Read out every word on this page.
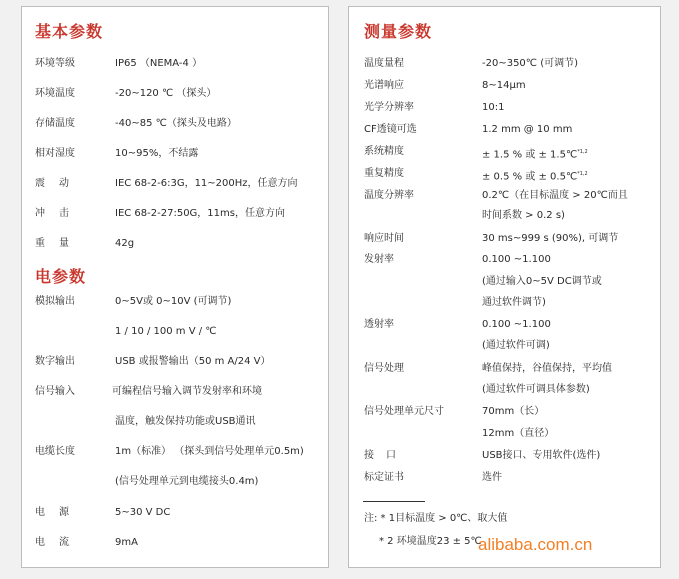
基本参数
环境等级	IP65 （NEMA-4 ）
环境温度	-20~120 ℃ （探头）
存储温度	-40~85 ℃（探头及电路）
相对湿度	10~95%，不结露
震动	IEC 68-2-6:3G，11~200Hz，任意方向
冲击	IEC 68-2-27:50G，11ms，任意方向
重量	42g
电参数
模拟输出	0~5V或 0~10V (可调节)
1 / 10 / 100 m V / ℃
数字输出	USB 或报警输出（50 m A/24 V）
信号输入	可编程信号输入调节发射率和环境
温度，触发保持功能或USB通讯
电缆长度	1m（标准） （探头到信号处理单元0.5m)
(信号处理单元到电缆接头0.4m)
电源	5~30 V DC
电流	9mA
测量参数
温度量程	-20~350℃ (可调节)
光谱响应	8~14μm
光学分辨率	10:1
CF透镜可选	1.2 mm @ 10 mm
系统精度	± 1.5 % 或 ± 1.5℃$^{*1,2}$
重复精度	± 0.5 % 或 ± 0.5℃$^{*1,2}$
温度分辨率	0.2℃（在目标温度 > 20℃而且
时间系数 > 0.2 s)
响应时间	30 ms~999 s (90%), 可调节
发射率	0.100 ~1.100
(通过输入0~5V DC调节或
通过软件调节)
透射率	0.100 ~1.100
(通过软件可调)
信号处理	峰值保持，谷值保持，平均值
(通过软件可调具体参数)
信号处理单元尺寸	70mm（长）
12mm（直径）
接口	USB接口、专用软件(选件)
标定证书	选件
注: * 1目标温度 > 0℃、取大值
* 2 环境温度23 ± 5℃
alibaba.com.cn
